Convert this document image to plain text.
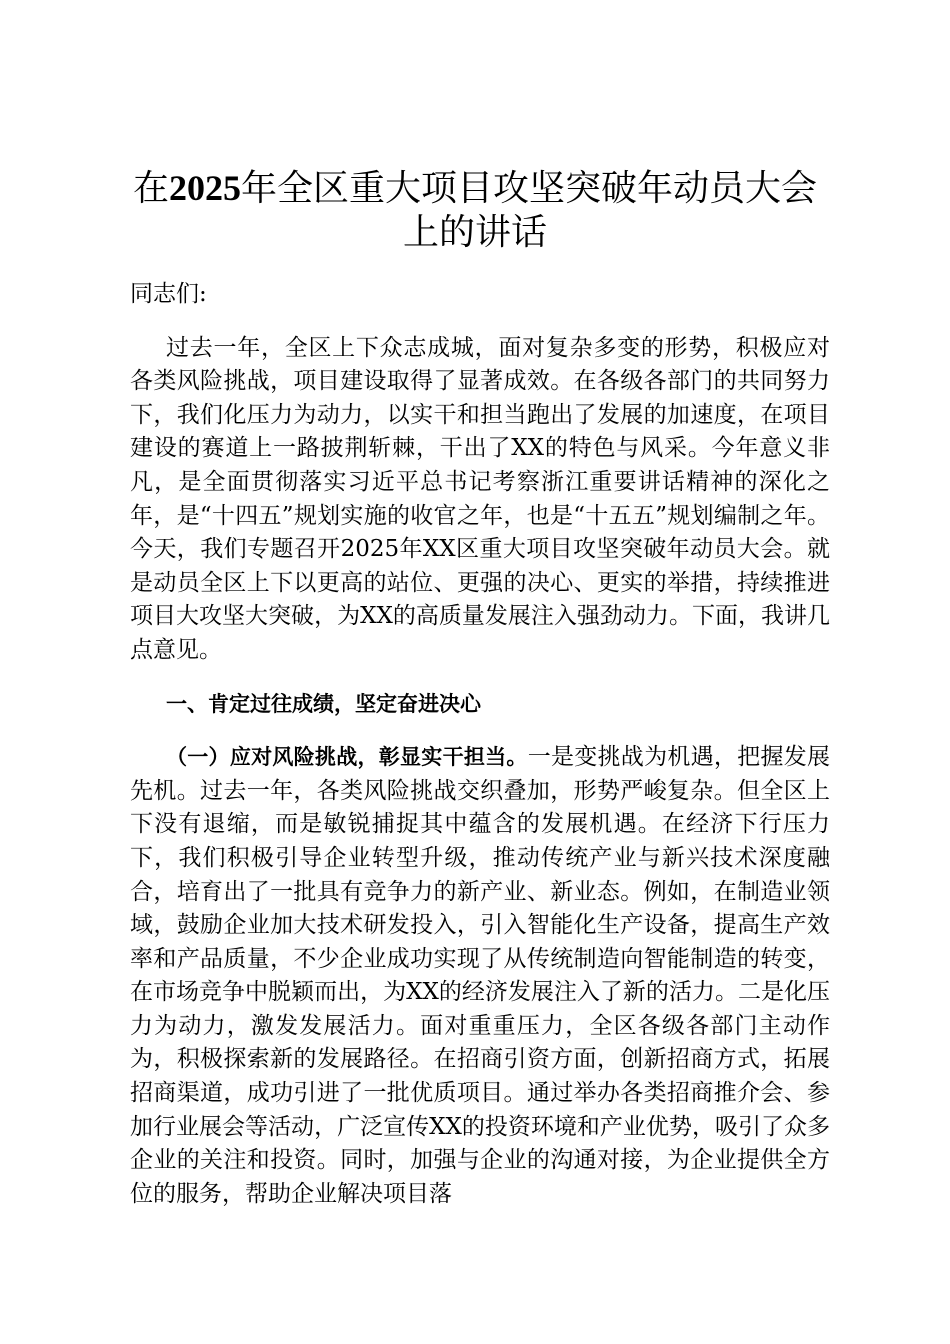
在2025年全区重大项目攻坚突破年动员大会上的讲话

同志们:

过去一年，全区上下众志成城，面对复杂多变的形势，积极应对各类风险挑战，项目建设取得了显著成效。在各级各部门的共同努力下，我们化压力为动力，以实干和担当跑出了发展的加速度，在项目建设的赛道上一路披荆斩棘，干出了XX的特色与风采。今年意义非凡，是全面贯彻落实习近平总书记考察浙江重要讲话精神的深化之年，是“十四五”规划实施的收官之年，也是“十五五”规划编制之年。今天，我们专题召开2025年XX区重大项目攻坚突破年动员大会。就是动员全区上下以更高的站位、更强的决心、更实的举措，持续推进项目大攻坚大突破，为XX的高质量发展注入强劲动力。下面，我讲几点意见。

一、肯定过往成绩，坚定奋进决心

（一）应对风险挑战，彰显实干担当。一是变挑战为机遇，把握发展先机。过去一年，各类风险挑战交织叠加，形势严峻复杂。但全区上下没有退缩，而是敏锐捕捉其中蕴含的发展机遇。在经济下行压力下，我们积极引导企业转型升级，推动传统产业与新兴技术深度融合，培育出了一批具有竞争力的新产业、新业态。例如，在制造业领域，鼓励企业加大技术研发投入，引入智能化生产设备，提高生产效率和产品质量，不少企业成功实现了从传统制造向智能制造的转变，在市场竞争中脱颖而出，为XX的经济发展注入了新的活力。二是化压力为动力，激发发展活力。面对重重压力，全区各级各部门主动作为，积极探索新的发展路径。在招商引资方面，创新招商方式，拓展招商渠道，成功引进了一批优质项目。通过举办各类招商推介会、参加行业展会等活动，广泛宣传XX的投资环境和产业优势，吸引了众多企业的关注和投资。同时，加强与企业的沟通对接，为企业提供全方位的服务，帮助企业解决项目落
